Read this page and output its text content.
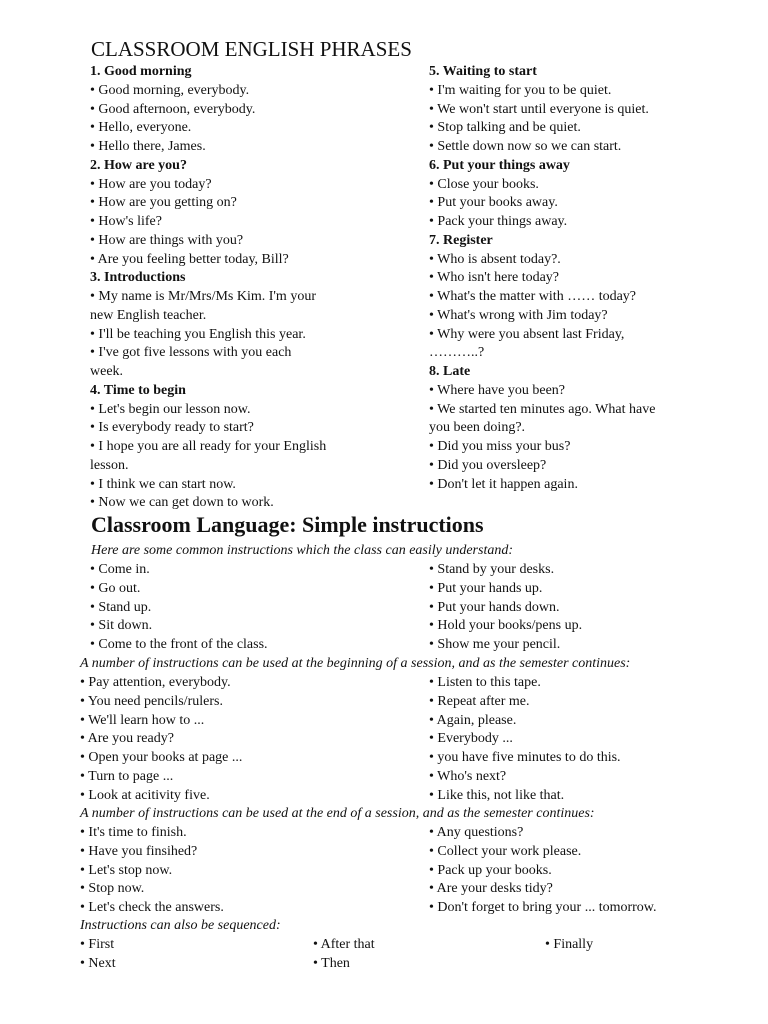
CLASSROOM ENGLISH PHRASES
1. Good morning
• Good morning, everybody.
• Good afternoon, everybody.
• Hello, everyone.
• Hello there, James.
2. How are you?
• How are you today?
• How are you getting on?
• How's life?
• How are things with you?
• Are you feeling better today, Bill?
3. Introductions
• My name is Mr/Mrs/Ms Kim. I'm your
new English teacher.
• I'll be teaching you English this year.
• I've got five lessons with you each
week.
4. Time to begin
• Let's begin our lesson now.
• Is everybody ready to start?
• I hope you are all ready for your English
lesson.
• I think we can start now.
• Now we can get down to work.
5. Waiting to start
• I'm waiting for you to be quiet.
• We won't start until everyone is quiet.
• Stop talking and be quiet.
• Settle down now so we can start.
6. Put your things away
• Close your books.
• Put your books away.
• Pack your things away.
7. Register
• Who is absent today?.
• Who isn't here today?
• What's the matter with …… today?
• What's wrong with Jim today?
• Why were you absent last Friday,
………..?
8. Late
• Where have you been?
• We started ten minutes ago. What have
you been doing?.
• Did you miss your bus?
• Did you oversleep?
• Don't let it happen again.
Classroom Language: Simple instructions
Here are some common instructions which the class can easily understand:
• Come in.
• Go out.
• Stand up.
• Sit down.
• Come to the front of the class.
• Stand by your desks.
• Put your hands up.
• Put your hands down.
• Hold your books/pens up.
• Show me your pencil.
A number of instructions can be used at the beginning of a session, and as the semester continues:
• Pay attention, everybody.
• You need pencils/rulers.
• We'll learn how to ...
• Are you ready?
• Open your books at page ...
• Turn to page ...
• Look at acitivity five.
• Listen to this tape.
• Repeat after me.
• Again, please.
• Everybody ...
• you have five minutes to do this.
• Who's next?
• Like this, not like that.
A number of instructions can be used at the end of a session, and as the semester continues:
• It's time to finish.
• Have you finsihed?
• Let's stop now.
• Stop now.
• Let's check the answers.
• Any questions?
• Collect your work please.
• Pack up your books.
• Are your desks tidy?
• Don't forget to bring your ... tomorrow.
Instructions can also be sequenced:
• First
• Next
• After that
• Then
• Finally
